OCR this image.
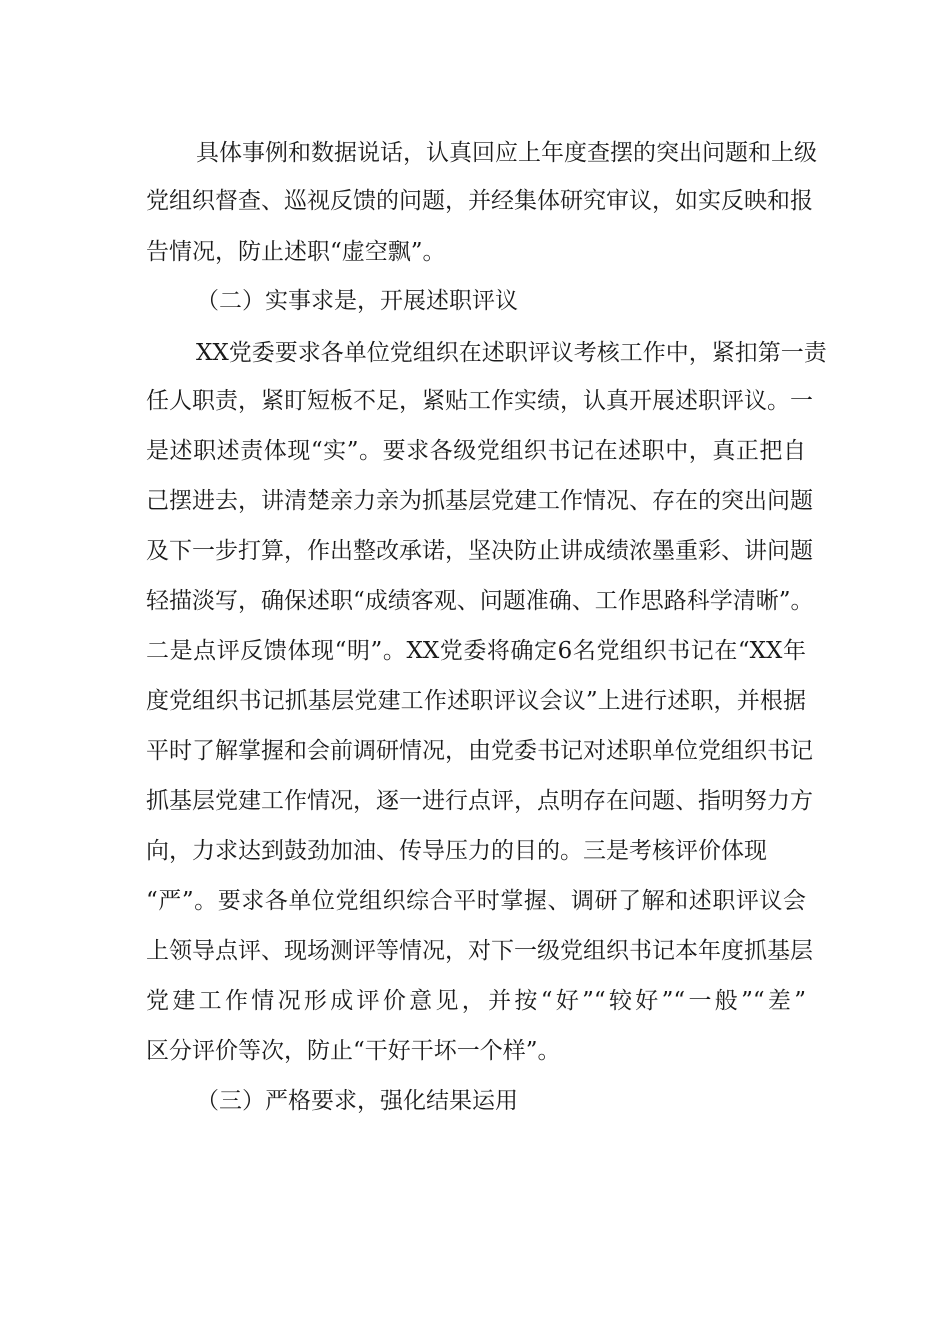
具体事例和数据说话，认真回应上年度查摆的突出问题和上级
党组织督查、巡视反馈的问题，并经集体研究审议，如实反映和报
告情况，防止述职“虚空飘”。
（二）实事求是，开展述职评议
XX党委要求各单位党组织在述职评议考核工作中，紧扣第一责
任人职责，紧盯短板不足，紧贴工作实绩，认真开展述职评议。一
是述职述责体现“实”。要求各级党组织书记在述职中，真正把自
己摆进去，讲清楚亲力亲为抓基层党建工作情况、存在的突出问题
及下一步打算，作出整改承诺，坚决防止讲成绩浓墨重彩、讲问题
轻描淡写，确保述职“成绩客观、问题准确、工作思路科学清晰”。
二是点评反馈体现“明”。XX党委将确定6名党组织书记在“XX年
度党组织书记抓基层党建工作述职评议会议”上进行述职，并根据
平时了解掌握和会前调研情况，由党委书记对述职单位党组织书记
抓基层党建工作情况，逐一进行点评，点明存在问题、指明努力方
向，力求达到鼓劲加油、传导压力的目的。三是考核评价体现
“严”。要求各单位党组织综合平时掌握、调研了解和述职评议会
上领导点评、现场测评等情况，对下一级党组织书记本年度抓基层
党建工作情况形成评价意见，并按“好”“较好”“一般”“差”
区分评价等次，防止“干好干坏一个样”。
（三）严格要求，强化结果运用
